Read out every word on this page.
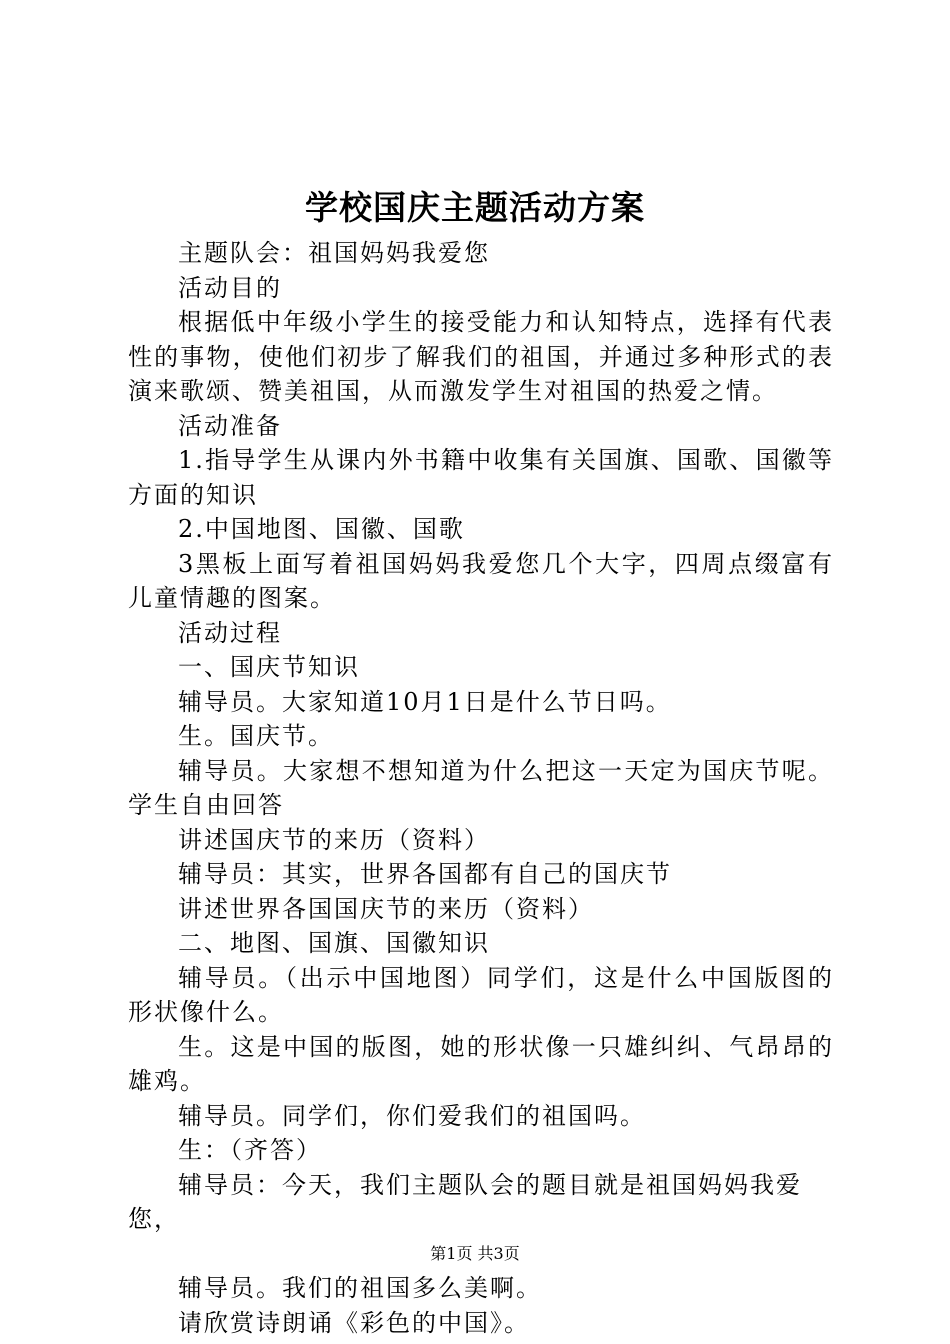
学校国庆主题活动方案

主题队会：祖国妈妈我爱您

活动目的

根据低中年级小学生的接受能力和认知特点，选择有代表性的事物，使他们初步了解我们的祖国，并通过多种形式的表演来歌颂、赞美祖国，从而激发学生对祖国的热爱之情。

活动准备

1.指导学生从课内外书籍中收集有关国旗、国歌、国徽等方面的知识

2.中国地图、国徽、国歌

3黑板上面写着祖国妈妈我爱您几个大字，四周点缀富有儿童情趣的图案。

活动过程

一、国庆节知识

辅导员。大家知道10月1日是什么节日吗。

生。国庆节。

辅导员。大家想不想知道为什么把这一天定为国庆节呢。学生自由回答

讲述国庆节的来历（资料）

辅导员：其实，世界各国都有自己的国庆节

讲述世界各国国庆节的来历（资料）

二、地图、国旗、国徽知识

辅导员。（出示中国地图）同学们，这是什么中国版图的形状像什么。

生。这是中国的版图，她的形状像一只雄纠纠、气昂昂的雄鸡。

辅导员。同学们，你们爱我们的祖国吗。

生：（齐答）

辅导员：今天，我们主题队会的题目就是祖国妈妈我爱您，

辅导员。我们的祖国多么美啊。

请欣赏诗朗诵《彩色的中国》。

第1页 共3页
